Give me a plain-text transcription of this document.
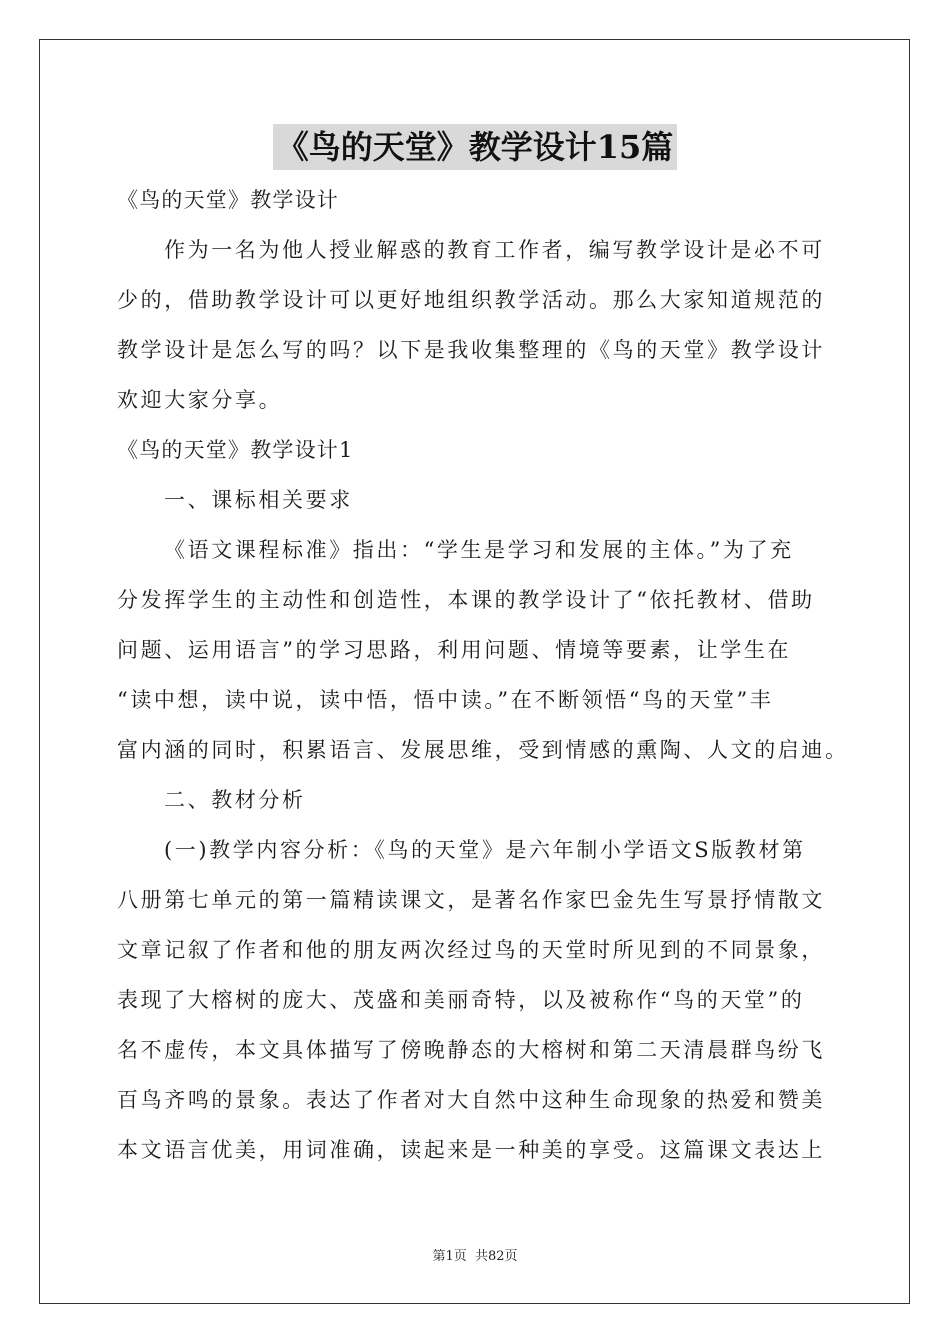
《鸟的天堂》教学设计15篇
《鸟的天堂》教学设计
作为一名为他人授业解惑的教育工作者，编写教学设计是必不可
少的，借助教学设计可以更好地组织教学活动。那么大家知道规范的
教学设计是怎么写的吗？以下是我收集整理的《鸟的天堂》教学设计
欢迎大家分享。
《鸟的天堂》教学设计1
一、课标相关要求
《语文课程标准》指出：“学生是学习和发展的主体。”为了充
分发挥学生的主动性和创造性，本课的教学设计了“依托教材、借助
问题、运用语言”的学习思路，利用问题、情境等要素，让学生在
“读中想，读中说，读中悟，悟中读。”在不断领悟“鸟的天堂”丰
富内涵的同时，积累语言、发展思维，受到情感的熏陶、人文的启迪。
二、教材分析
(一)教学内容分析：《鸟的天堂》是六年制小学语文S版教材第
八册第七单元的第一篇精读课文，是著名作家巴金先生写景抒情散文
文章记叙了作者和他的朋友两次经过鸟的天堂时所见到的不同景象，
表现了大榕树的庞大、茂盛和美丽奇特，以及被称作“鸟的天堂”的
名不虚传，本文具体描写了傍晚静态的大榕树和第二天清晨群鸟纷飞
百鸟齐鸣的景象。表达了作者对大自然中这种生命现象的热爱和赞美
本文语言优美，用词准确，读起来是一种美的享受。这篇课文表达上
第1页 共82页
